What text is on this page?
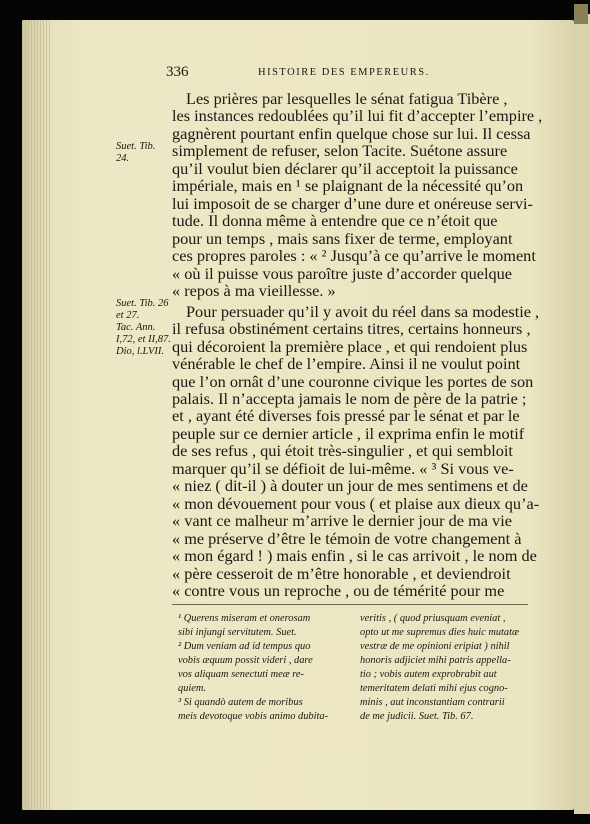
336	HISTOIRE DES EMPEREURS.
Les prières par lesquelles le sénat fatigua Tibère ,
les instances redoublées qu’il lui fit d’accepter l’empire ,
gagnèrent pourtant enfin quelque chose sur lui. Il cessa
simplement de refuser, selon Tacite. Suétone assure
qu’il voulut bien déclarer qu’il acceptoit la puissance
impériale, mais en ¹ se plaignant de la nécessité qu’on
lui imposoit de se charger d’une dure et onéreuse servi-
tude. Il donna même à entendre que ce n’étoit que
pour un temps , mais sans fixer de terme, employant
ces propres paroles : « ² Jusqu’à ce qu’arrive le moment
« où il puisse vous paroître juste d’accorder quelque
« repos à ma vieillesse. »
Pour persuader qu’il y avoit du réel dans sa modestie ,
il refusa obstinément certains titres, certains honneurs ,
qui décoroient la première place , et qui rendoient plus
vénérable le chef de l’empire. Ainsi il ne voulut point
que l’on ornât d’une couronne civique les portes de son
palais. Il n’accepta jamais le nom de père de la patrie ;
et , ayant été diverses fois pressé par le sénat et par le
peuple sur ce dernier article , il exprima enfin le motif
de ses refus , qui étoit très-singulier , et qui sembloit
marquer qu’il se défioit de lui-même. « ³ Si vous ve-
« niez ( dit-il ) à douter un jour de mes sentimens et de
« mon dévouement pour vous ( et plaise aux dieux qu’a-
« vant ce malheur m’arrive le dernier jour de ma vie
« me préserve d’être le témoin de votre changement à
« mon égard ! ) mais enfin , si le cas arrivoit , le nom de
« père cesseroit de m’être honorable , et deviendroit
« contre vous un reproche , ou de témérité pour me
Suet. Tib.
24.
Suet. Tib. 26
et 27.
Tac. Ann.
I,72, et II,87.
Dio, l.LVII.
¹ Querens miseram et onerosam
sibi injungi servitutem. Suet.
² Dum veniam ad id tempus quo
vobis æquum possit videri , dare
vos aliquam senectuti meæ re-
quiem.
³ Si quandò autem de moribus
meis devotoque vobis animo dubita-
veritis , ( quod priusquam eveniat ,
opto ut me supremus dies huic mutatæ
vestræ de me opinioni eripiat ) nihil
honoris adjiciet mihi patris appella-
tio ; vobis autem exprobrabit aut
temeritatem delati mihi ejus cogno-
minis , aut inconstantiam contrarii
de me judicii. Suet. Tib. 67.
